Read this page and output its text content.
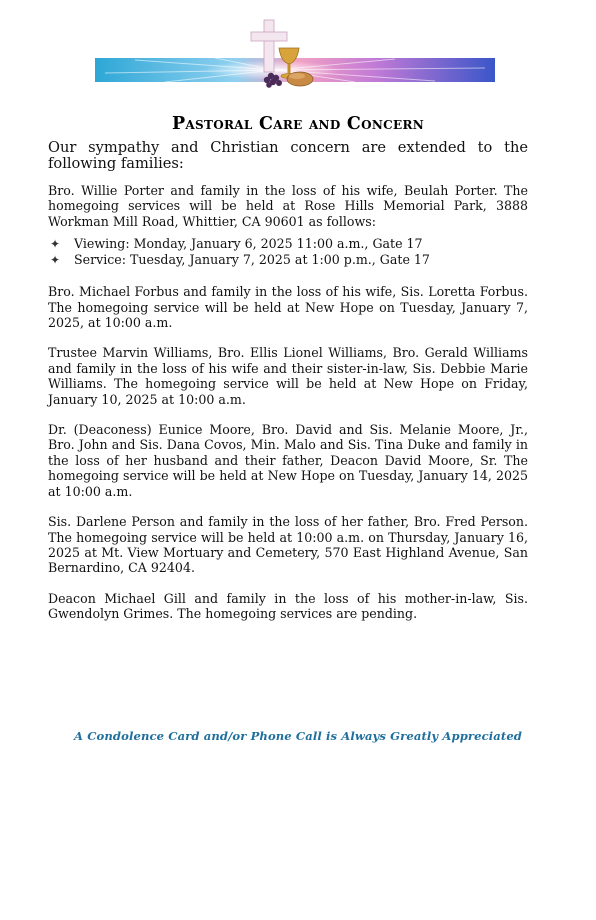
Pastoral Care and Concern

Our sympathy and Christian concern are extended to the following families:

Bro. Willie Porter and family in the loss of his wife, Beulah Porter. The homegoing services will be held at Rose Hills Memorial Park, 3888 Workman Mill Road, Whittier, CA 90601 as follows:

✦ Viewing: Monday, January 6, 2025 11:00 a.m., Gate 17
✦ Service: Tuesday, January 7, 2025 at 1:00 p.m., Gate 17

Bro. Michael Forbus and family in the loss of his wife, Sis. Loretta Forbus. The homegoing service will be held at New Hope on Tuesday, January 7, 2025, at 10:00 a.m.

Trustee Marvin Williams, Bro. Ellis Lionel Williams, Bro. Gerald Williams and family in the loss of his wife and their sister-in-law, Sis. Debbie Marie Williams. The homegoing service will be held at New Hope on Friday, January 10, 2025 at 10:00 a.m.

Dr. (Deaconess) Eunice Moore, Bro. David and Sis. Melanie Moore, Jr., Bro. John and Sis. Dana Covos, Min. Malo and Sis. Tina Duke and family in the loss of her husband and their father, Deacon David Moore, Sr. The homegoing service will be held at New Hope on Tuesday, January 14, 2025 at 10:00 a.m.

Sis. Darlene Person and family in the loss of her father, Bro. Fred Person. The homegoing service will be held at 10:00 a.m. on Thursday, January 16, 2025 at Mt. View Mortuary and Cemetery, 570 East Highland Avenue, San Bernardino, CA 92404.

Deacon Michael Gill and family in the loss of his mother-in-law, Sis. Gwendolyn Grimes. The homegoing services are pending.

A Condolence Card and/or Phone Call is Always Greatly Appreciated
